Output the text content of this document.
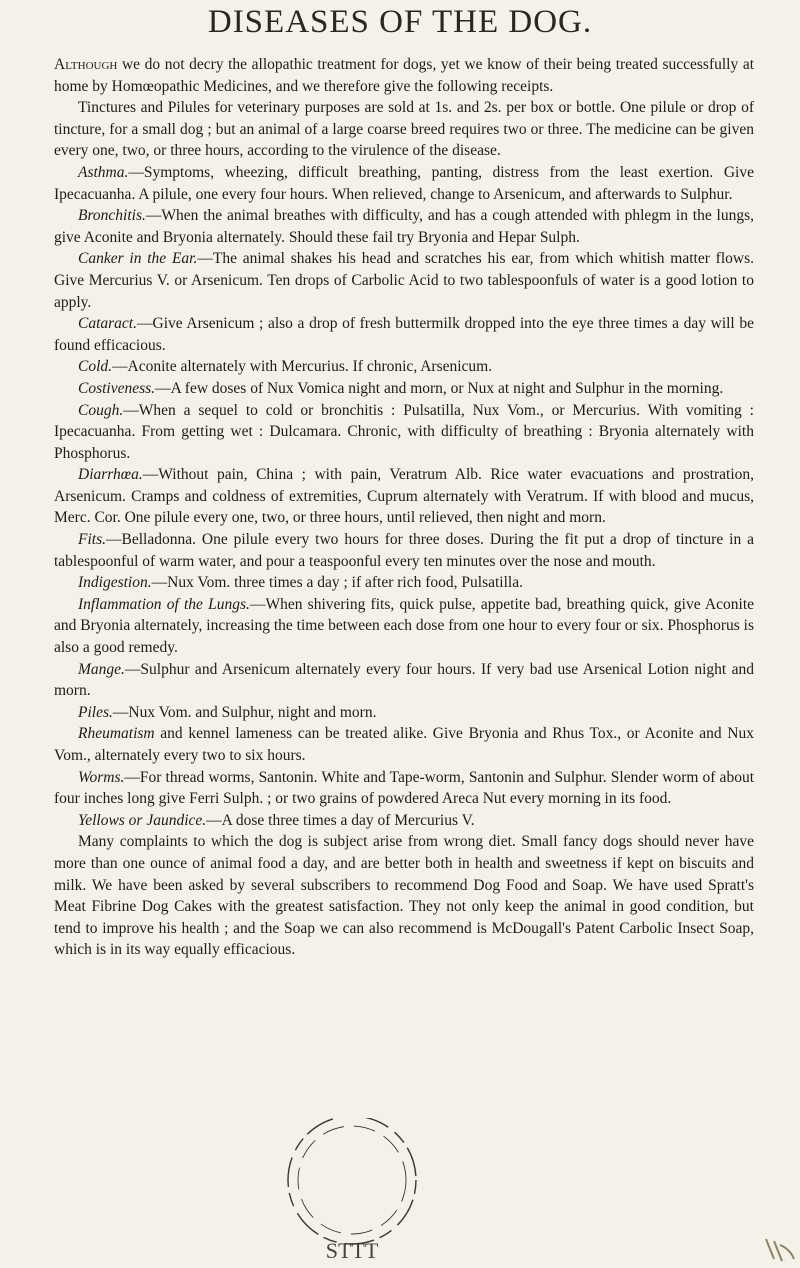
DISEASES OF THE DOG.

Although we do not decry the allopathic treatment for dogs, yet we know of their being treated successfully at home by Homœopathic Medicines, and we therefore give the following receipts.

Tinctures and Pilules for veterinary purposes are sold at 1s. and 2s. per box or bottle. One pilule or drop of tincture, for a small dog ; but an animal of a large coarse breed requires two or three. The medicine can be given every one, two, or three hours, according to the virulence of the disease.

Asthma.—Symptoms, wheezing, difficult breathing, panting, distress from the least exertion. Give Ipecacuanha. A pilule, one every four hours. When relieved, change to Arsenicum, and afterwards to Sulphur.

Bronchitis.—When the animal breathes with difficulty, and has a cough attended with phlegm in the lungs, give Aconite and Bryonia alternately. Should these fail try Bryonia and Hepar Sulph.

Canker in the Ear.—The animal shakes his head and scratches his ear, from which whitish matter flows. Give Mercurius V. or Arsenicum. Ten drops of Carbolic Acid to two tablespoonfuls of water is a good lotion to apply.

Cataract.—Give Arsenicum ; also a drop of fresh buttermilk dropped into the eye three times a day will be found efficacious.

Cold.—Aconite alternately with Mercurius. If chronic, Arsenicum.

Costiveness.—A few doses of Nux Vomica night and morn, or Nux at night and Sulphur in the morning.

Cough.—When a sequel to cold or bronchitis : Pulsatilla, Nux Vom., or Mercurius. With vomiting : Ipecacuanha. From getting wet : Dulcamara. Chronic, with difficulty of breathing : Bryonia alternately with Phosphorus.

Diarrhœa.—Without pain, China ; with pain, Veratrum Alb. Rice water evacuations and prostration, Arsenicum. Cramps and coldness of extremities, Cuprum alternately with Veratrum. If with blood and mucus, Merc. Cor. One pilule every one, two, or three hours, until relieved, then night and morn.

Fits.—Belladonna. One pilule every two hours for three doses. During the fit put a drop of tincture in a tablespoonful of warm water, and pour a teaspoonful every ten minutes over the nose and mouth.

Indigestion.—Nux Vom. three times a day ; if after rich food, Pulsatilla.

Inflammation of the Lungs.—When shivering fits, quick pulse, appetite bad, breathing quick, give Aconite and Bryonia alternately, increasing the time between each dose from one hour to every four or six. Phosphorus is also a good remedy.

Mange.—Sulphur and Arsenicum alternately every four hours. If very bad use Arsenical Lotion night and morn.

Piles.—Nux Vom. and Sulphur, night and morn.

Rheumatism and kennel lameness can be treated alike. Give Bryonia and Rhus Tox., or Aconite and Nux Vom., alternately every two to six hours.

Worms.—For thread worms, Santonin. White and Tape-worm, Santonin and Sulphur. Slender worm of about four inches long give Ferri Sulph. ; or two grains of powdered Areca Nut every morning in its food.

Yellows or Jaundice.—A dose three times a day of Mercurius V.

Many complaints to which the dog is subject arise from wrong diet. Small fancy dogs should never have more than one ounce of animal food a day, and are better both in health and sweetness if kept on biscuits and milk. We have been asked by several subscribers to recommend Dog Food and Soap. We have used Spratt's Meat Fibrine Dog Cakes with the greatest satisfaction. They not only keep the animal in good condition, but tend to improve his health ; and the Soap we can also recommend is McDougall's Patent Carbolic Insect Soap, which is in its way equally efficacious.

STTT
